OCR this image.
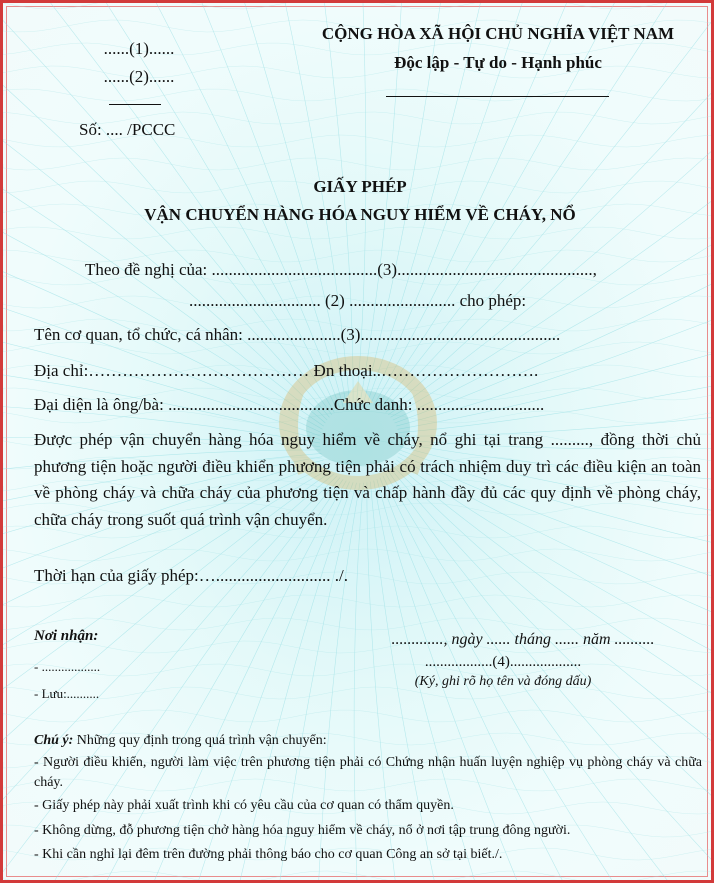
......(1)......
......(2)......
Số: .... /PCCC
CỘNG HÒA XÃ HỘI CHỦ NGHĨA VIỆT NAM
Độc lập - Tự do - Hạnh phúc
GIẤY PHÉP
VẬN CHUYỂN HÀNG HÓA NGUY HIỂM VỀ CHÁY, NỔ
Theo đề nghị của: .......................................(3)..............................................,
............................... (2) ......................... cho phép:
Tên cơ quan, tổ chức, cá nhân: ......................(3)...............................................
Địa chỉ:………………………………… Đn thoại..……………………….
Đại diện là ông/bà: .......................................Chức danh: ..............................
Được phép vận chuyển hàng hóa nguy hiểm về cháy, nổ ghi tại trang ........., đồng thời chủ phương tiện hoặc người điều khiển phương tiện phải có trách nhiệm duy trì các điều kiện an toàn về phòng cháy và chữa cháy của phương tiện và chấp hành đầy đủ các quy định về phòng cháy, chữa cháy trong suốt quá trình vận chuyển.
Thời hạn của giấy phép:…........................... ./.
Nơi nhận:
- ..................
- Lưu:..........
............., ngày ...... tháng ...... năm ..........
..................(4)...................
(Ký, ghi rõ họ tên và đóng dấu)
Chú ý: Những quy định trong quá trình vận chuyển:
- Người điều khiển, người làm việc trên phương tiện phải có Chứng nhận huấn luyện nghiệp vụ phòng cháy và chữa cháy.
- Giấy phép này phải xuất trình khi có yêu cầu của cơ quan có thẩm quyền.
- Không dừng, đỗ phương tiện chở hàng hóa nguy hiểm về cháy, nổ ở nơi tập trung đông người.
- Khi cần nghỉ lại đêm trên đường phải thông báo cho cơ quan Công an sở tại biết./.
